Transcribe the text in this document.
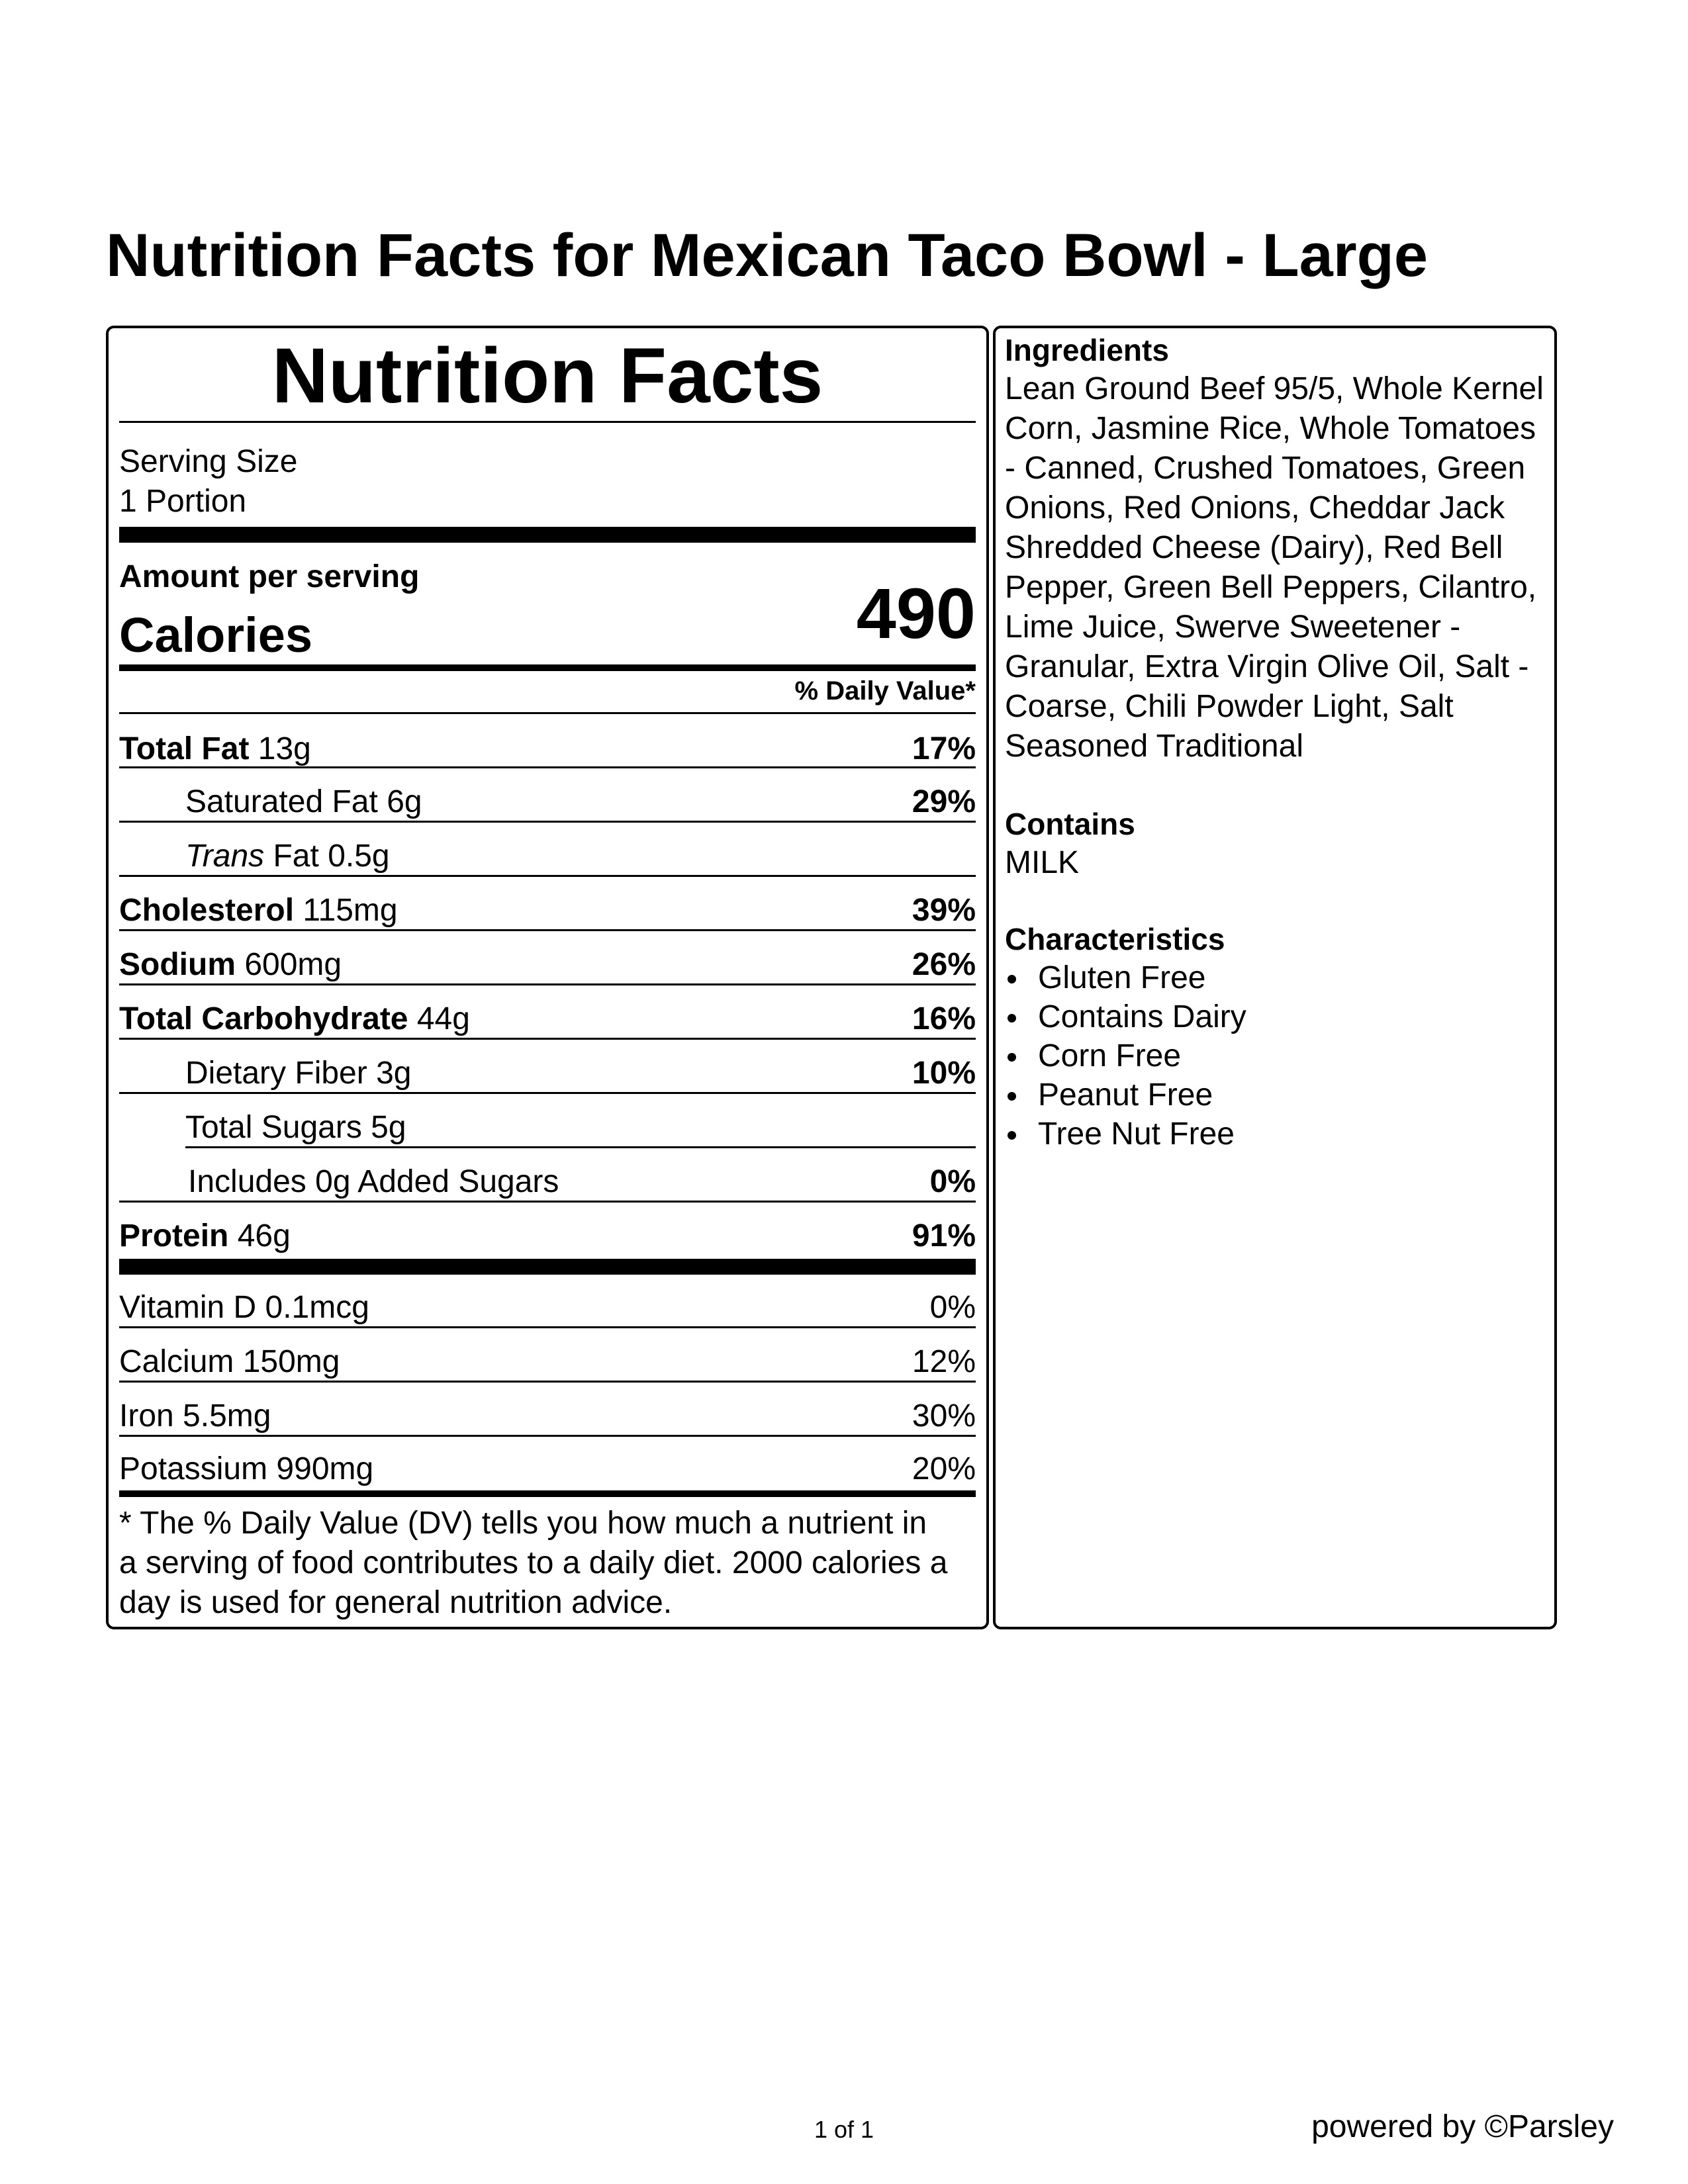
Nutrition Facts for Mexican Taco Bowl - Large
Nutrition Facts
Serving Size
1 Portion
Amount per serving
Calories	490
% Daily Value*
Total Fat 13g	17%
Saturated Fat 6g	29%
Trans Fat 0.5g
Cholesterol 115mg	39%
Sodium 600mg	26%
Total Carbohydrate 44g	16%
Dietary Fiber 3g	10%
Total Sugars 5g
Includes 0g Added Sugars	0%
Protein 46g	91%
Vitamin D 0.1mcg	0%
Calcium 150mg	12%
Iron 5.5mg	30%
Potassium 990mg	20%
* The % Daily Value (DV) tells you how much a nutrient in a serving of food contributes to a daily diet. 2000 calories a day is used for general nutrition advice.
Ingredients
Lean Ground Beef 95/5, Whole Kernel Corn, Jasmine Rice, Whole Tomatoes - Canned, Crushed Tomatoes, Green Onions, Red Onions, Cheddar Jack Shredded Cheese (Dairy), Red Bell Pepper, Green Bell Peppers, Cilantro, Lime Juice, Swerve Sweetener - Granular, Extra Virgin Olive Oil, Salt - Coarse, Chili Powder Light, Salt Seasoned Traditional
Contains
MILK
Characteristics
Gluten Free
Contains Dairy
Corn Free
Peanut Free
Tree Nut Free
1 of 1	powered by ©Parsley
